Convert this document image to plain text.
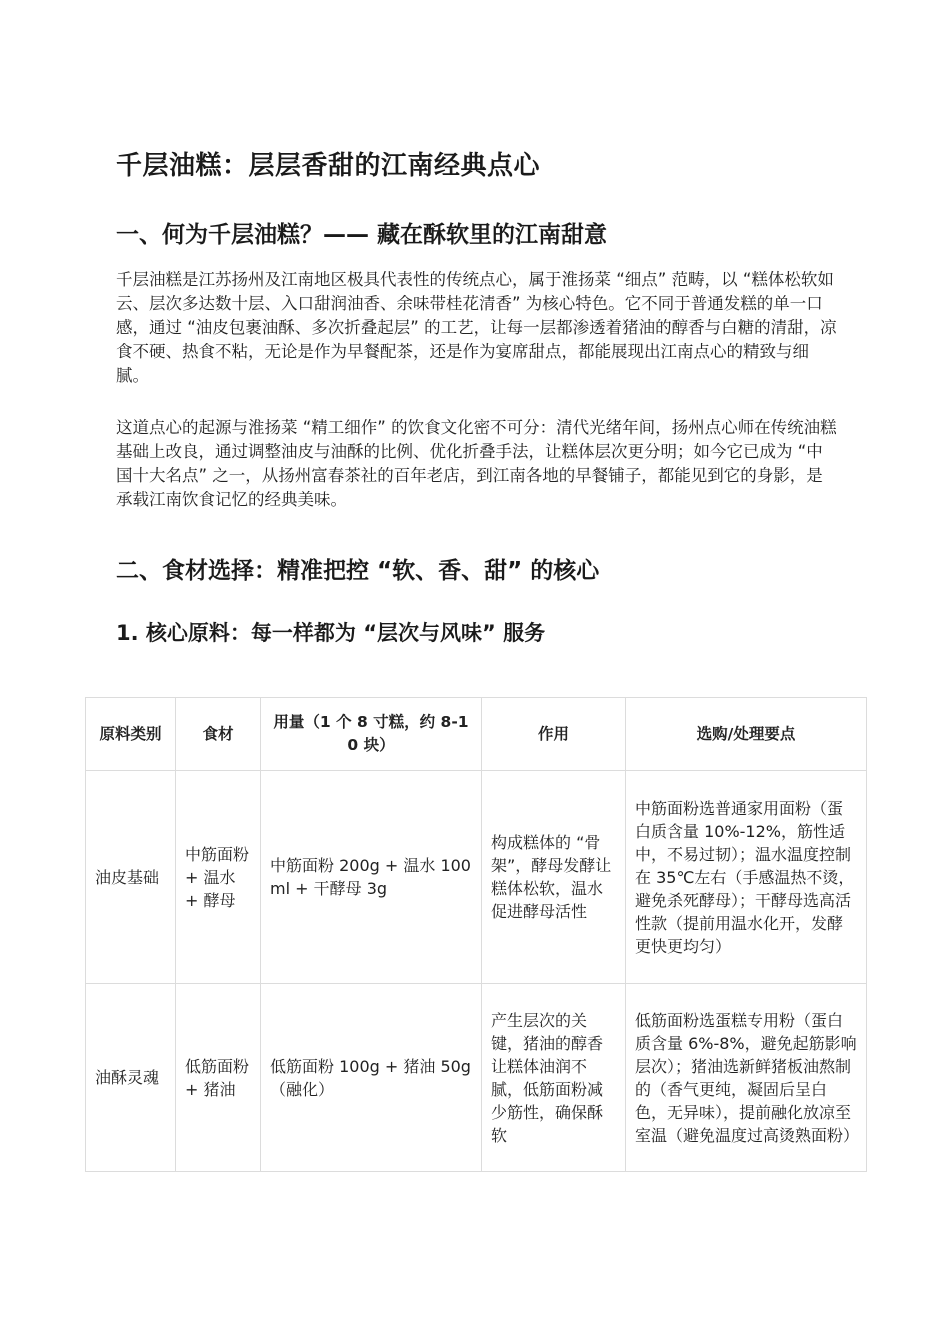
千层油糕：层层香甜的江南经典点心
一、何为千层油糕？—— 藏在酥软里的江南甜意

千层油糕是江苏扬州及江南地区极具代表性的传统点心，属于淮扬菜 “细点” 范畴，以 “糕体松软如云、层次多达数十层、入口甜润油香、余味带桂花清香” 为核心特色。它不同于普通发糕的单一口感，通过 “油皮包裹油酥、多次折叠起层” 的工艺，让每一层都渗透着猪油的醇香与白糖的清甜，凉食不硬、热食不粘，无论是作为早餐配茶，还是作为宴席甜点，都能展现出江南点心的精致与细腻。

这道点心的起源与淮扬菜 “精工细作” 的饮食文化密不可分：清代光绪年间，扬州点心师在传统油糕基础上改良，通过调整油皮与油酥的比例、优化折叠手法，让糕体层次更分明；如今它已成为 “中国十大名点” 之一，从扬州富春茶社的百年老店，到江南各地的早餐铺子，都能见到它的身影，是承载江南饮食记忆的经典美味。

二、食材选择：精准把控 “软、香、甜” 的核心
1. 核心原料：每一样都为 “层次与风味” 服务
原料类别	食材	用量（1 个 8 寸糕，约 8-10 块）	作用	选购/处理要点
油皮基础	中筋面粉 + 温水 + 酵母	中筋面粉 200g + 温水 100ml + 干酵母 3g	构成糕体的 “骨架”，酵母发酵让糕体松软，温水促进酵母活性	中筋面粉选普通家用面粉（蛋白质含量 10%-12%，筋性适中，不易过韧）；温水温度控制在 35℃左右（手感温热不烫，避免杀死酵母）；干酵母选高活性款（提前用温水化开，发酵更快更均匀）
油酥灵魂	低筋面粉 + 猪油	低筋面粉 100g + 猪油 50g（融化）	产生层次的关键，猪油的醇香让糕体油润不腻，低筋面粉减少筋性，确保酥软	低筋面粉选蛋糕专用粉（蛋白质含量 6%-8%，避免起筋影响层次）；猪油选新鲜猪板油熬制的（香气更纯，凝固后呈白色，无异味），提前融化放凉至室温（避免温度过高烫熟面粉）
